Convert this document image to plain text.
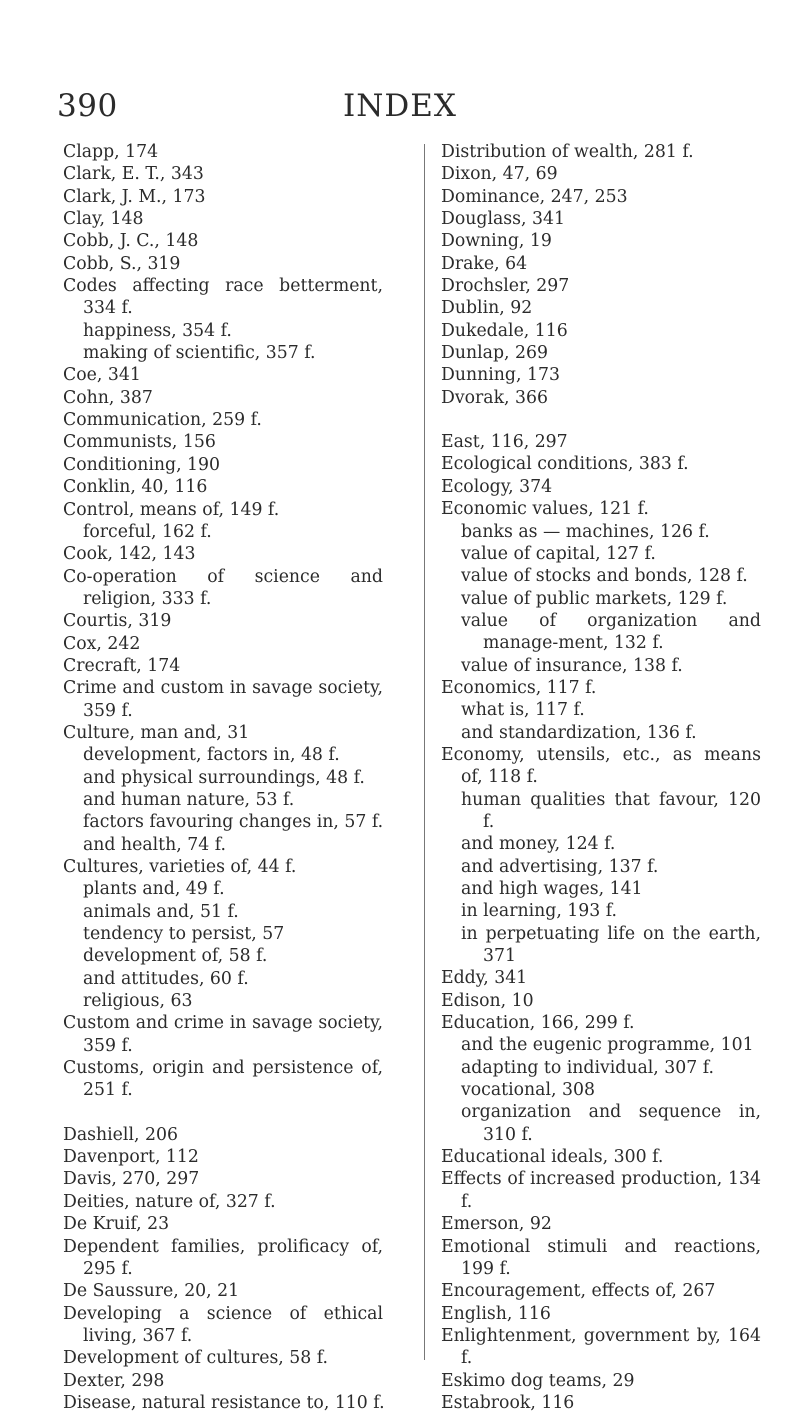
390	INDEX
Clapp, 174
Clark, E. T., 343
Clark, J. M., 173
Clay, 148
Cobb, J. C., 148
Cobb, S., 319
Codes affecting race betterment, 334 f.
happiness, 354 f.
making of scientific, 357 f.
Coe, 341
Cohn, 387
Communication, 259 f.
Communists, 156
Conditioning, 190
Conklin, 40, 116
Control, means of, 149 f.
forceful, 162 f.
Cook, 142, 143
Co-operation of science and religion, 333 f.
Courtis, 319
Cox, 242
Crecraft, 174
Crime and custom in savage society, 359 f.
Culture, man and, 31
development, factors in, 48 f.
and physical surroundings, 48 f.
and human nature, 53 f.
factors favouring changes in, 57 f.
and health, 74 f.
Cultures, varieties of, 44 f.
plants and, 49 f.
animals and, 51 f.
tendency to persist, 57
development of, 58 f.
and attitudes, 60 f.
religious, 63
Custom and crime in savage society, 359 f.
Customs, origin and persistence of, 251 f.
Dashiell, 206
Davenport, 112
Davis, 270, 297
Deities, nature of, 327 f.
De Kruif, 23
Dependent families, prolificacy of, 295 f.
De Saussure, 20, 21
Developing a science of ethical living, 367 f.
Development of cultures, 58 f.
Dexter, 298
Disease, natural resistance to, 110 f.
Distribution of wealth, 281 f.
Dixon, 47, 69
Dominance, 247, 253
Douglass, 341
Downing, 19
Drake, 64
Drochsler, 297
Dublin, 92
Dukedale, 116
Dunlap, 269
Dunning, 173
Dvorak, 366
East, 116, 297
Ecological conditions, 383 f.
Ecology, 374
Economic values, 121 f.
banks as — machines, 126 f.
value of capital, 127 f.
value of stocks and bonds, 128 f.
value of public markets, 129 f.
value of organization and manage-ment, 132 f.
value of insurance, 138 f.
Economics, 117 f.
what is, 117 f.
and standardization, 136 f.
Economy, utensils, etc., as means of, 118 f.
human qualities that favour, 120 f.
and money, 124 f.
and advertising, 137 f.
and high wages, 141
in learning, 193 f.
in perpetuating life on the earth, 371
Eddy, 341
Edison, 10
Education, 166, 299 f.
and the eugenic programme, 101
adapting to individual, 307 f.
vocational, 308
organization and sequence in, 310 f.
Educational ideals, 300 f.
Effects of increased production, 134 f.
Emerson, 92
Emotional stimuli and reactions, 199 f.
Encouragement, effects of, 267
English, 116
Enlightenment, government by, 164 f.
Eskimo dog teams, 29
Estabrook, 116
